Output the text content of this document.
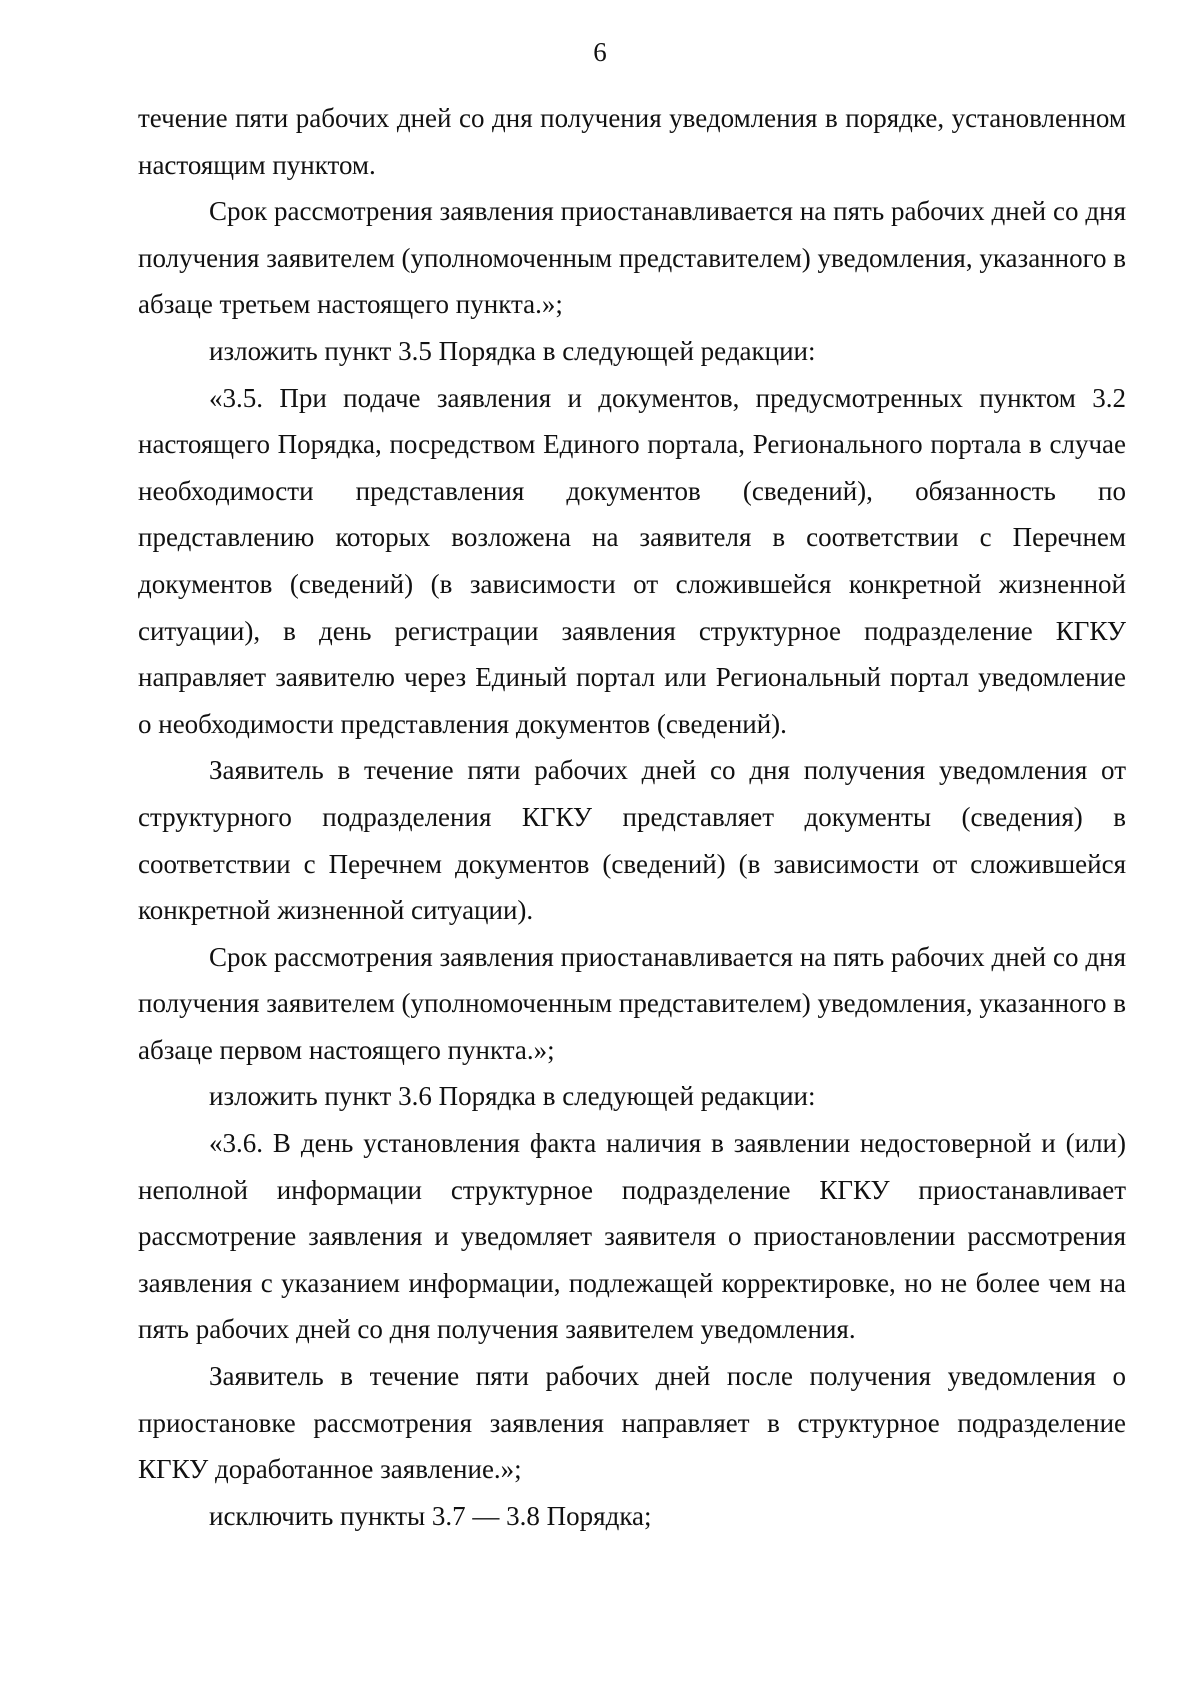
6

течение пяти рабочих дней со дня получения уведомления в порядке, установленном настоящим пунктом.

Срок рассмотрения заявления приостанавливается на пять рабочих дней со дня получения заявителем (уполномоченным представителем) уведомления, указанного в абзаце третьем настоящего пункта.»;

изложить пункт 3.5 Порядка в следующей редакции:

«3.5. При подаче заявления и документов, предусмотренных пунктом 3.2 настоящего Порядка, посредством Единого портала, Регионального портала в случае необходимости представления документов (сведений), обязанность по представлению которых возложена на заявителя в соответствии с Перечнем документов (сведений) (в зависимости от сложившейся конкретной жизненной ситуации), в день регистрации заявления структурное подразделение КГКУ направляет заявителю через Единый портал или Региональный портал уведомление о необходимости представления документов (сведений).

Заявитель в течение пяти рабочих дней со дня получения уведомления от структурного подразделения КГКУ представляет документы (сведения) в соответствии с Перечнем документов (сведений) (в зависимости от сложившейся конкретной жизненной ситуации).

Срок рассмотрения заявления приостанавливается на пять рабочих дней со дня получения заявителем (уполномоченным представителем) уведомления, указанного в абзаце первом настоящего пункта.»;

изложить пункт 3.6 Порядка в следующей редакции:

«3.6. В день установления факта наличия в заявлении недостоверной и (или) неполной информации структурное подразделение КГКУ приостанавливает рассмотрение заявления и уведомляет заявителя о приостановлении рассмотрения заявления с указанием информации, подлежащей корректировке, но не более чем на пять рабочих дней со дня получения заявителем уведомления.

Заявитель в течение пяти рабочих дней после получения уведомления о приостановке рассмотрения заявления направляет в структурное подразделение КГКУ доработанное заявление.»;

исключить пункты 3.7 — 3.8 Порядка;
